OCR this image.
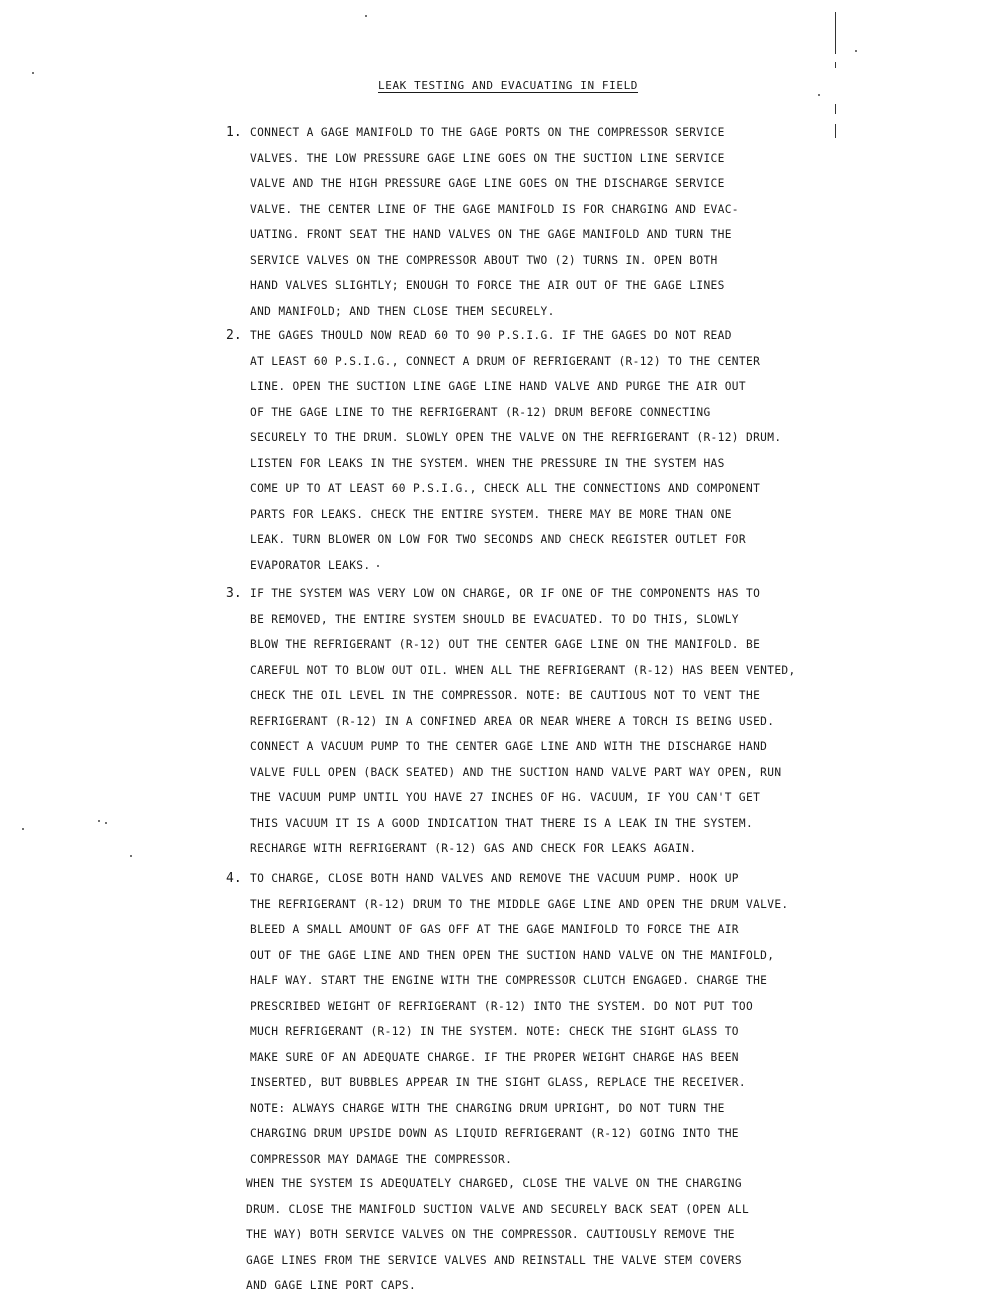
LEAK TESTING AND EVACUATING IN FIELD
1. CONNECT A GAGE MANIFOLD TO THE GAGE PORTS ON THE COMPRESSOR SERVICE
VALVES. THE LOW PRESSURE GAGE LINE GOES ON THE SUCTION LINE SERVICE
VALVE AND THE HIGH PRESSURE GAGE LINE GOES ON THE DISCHARGE SERVICE
VALVE. THE CENTER LINE OF THE GAGE MANIFOLD IS FOR CHARGING AND EVAC-
UATING. FRONT SEAT THE HAND VALVES ON THE GAGE MANIFOLD AND TURN THE
SERVICE VALVES ON THE COMPRESSOR ABOUT TWO (2) TURNS IN. OPEN BOTH
HAND VALVES SLIGHTLY; ENOUGH TO FORCE THE AIR OUT OF THE GAGE LINES
AND MANIFOLD; AND THEN CLOSE THEM SECURELY.
2. THE GAGES THOULD NOW READ 60 TO 90 P.S.I.G. IF THE GAGES DO NOT READ
AT LEAST 60 P.S.I.G., CONNECT A DRUM OF REFRIGERANT (R-12) TO THE CENTER
LINE. OPEN THE SUCTION LINE GAGE LINE HAND VALVE AND PURGE THE AIR OUT
OF THE GAGE LINE TO THE REFRIGERANT (R-12) DRUM BEFORE CONNECTING
SECURELY TO THE DRUM. SLOWLY OPEN THE VALVE ON THE REFRIGERANT (R-12) DRUM.
LISTEN FOR LEAKS IN THE SYSTEM. WHEN THE PRESSURE IN THE SYSTEM HAS
COME UP TO AT LEAST 60 P.S.I.G., CHECK ALL THE CONNECTIONS AND COMPONENT
PARTS FOR LEAKS. CHECK THE ENTIRE SYSTEM. THERE MAY BE MORE THAN ONE
LEAK. TURN BLOWER ON LOW FOR TWO SECONDS AND CHECK REGISTER OUTLET FOR
EVAPORATOR LEAKS.
3. IF THE SYSTEM WAS VERY LOW ON CHARGE, OR IF ONE OF THE COMPONENTS HAS TO
BE REMOVED, THE ENTIRE SYSTEM SHOULD BE EVACUATED. TO DO THIS, SLOWLY
BLOW THE REFRIGERANT (R-12) OUT THE CENTER GAGE LINE ON THE MANIFOLD. BE
CAREFUL NOT TO BLOW OUT OIL. WHEN ALL THE REFRIGERANT (R-12) HAS BEEN VENTED,
CHECK THE OIL LEVEL IN THE COMPRESSOR. NOTE: BE CAUTIOUS NOT TO VENT THE
REFRIGERANT (R-12) IN A CONFINED AREA OR NEAR WHERE A TORCH IS BEING USED.
CONNECT A VACUUM PUMP TO THE CENTER GAGE LINE AND WITH THE DISCHARGE HAND
VALVE FULL OPEN (BACK SEATED) AND THE SUCTION HAND VALVE PART WAY OPEN, RUN
THE VACUUM PUMP UNTIL YOU HAVE 27 INCHES OF HG. VACUUM, IF YOU CAN'T GET
THIS VACUUM IT IS A GOOD INDICATION THAT THERE IS A LEAK IN THE SYSTEM.
RECHARGE WITH REFRIGERANT (R-12) GAS AND CHECK FOR LEAKS AGAIN.
4. TO CHARGE, CLOSE BOTH HAND VALVES AND REMOVE THE VACUUM PUMP. HOOK UP
THE REFRIGERANT (R-12) DRUM TO THE MIDDLE GAGE LINE AND OPEN THE DRUM VALVE.
BLEED A SMALL AMOUNT OF GAS OFF AT THE GAGE MANIFOLD TO FORCE THE AIR
OUT OF THE GAGE LINE AND THEN OPEN THE SUCTION HAND VALVE ON THE MANIFOLD,
HALF WAY. START THE ENGINE WITH THE COMPRESSOR CLUTCH ENGAGED. CHARGE THE
PRESCRIBED WEIGHT OF REFRIGERANT (R-12) INTO THE SYSTEM. DO NOT PUT TOO
MUCH REFRIGERANT (R-12) IN THE SYSTEM. NOTE: CHECK THE SIGHT GLASS TO
MAKE SURE OF AN ADEQUATE CHARGE. IF THE PROPER WEIGHT CHARGE HAS BEEN
INSERTED, BUT BUBBLES APPEAR IN THE SIGHT GLASS, REPLACE THE RECEIVER.
NOTE: ALWAYS CHARGE WITH THE CHARGING DRUM UPRIGHT, DO NOT TURN THE
CHARGING DRUM UPSIDE DOWN AS LIQUID REFRIGERANT (R-12) GOING INTO THE
COMPRESSOR MAY DAMAGE THE COMPRESSOR.
WHEN THE SYSTEM IS ADEQUATELY CHARGED, CLOSE THE VALVE ON THE CHARGING
DRUM. CLOSE THE MANIFOLD SUCTION VALVE AND SECURELY BACK SEAT (OPEN ALL
THE WAY) BOTH SERVICE VALVES ON THE COMPRESSOR. CAUTIOUSLY REMOVE THE
GAGE LINES FROM THE SERVICE VALVES AND REINSTALL THE VALVE STEM COVERS
AND GAGE LINE PORT CAPS.
